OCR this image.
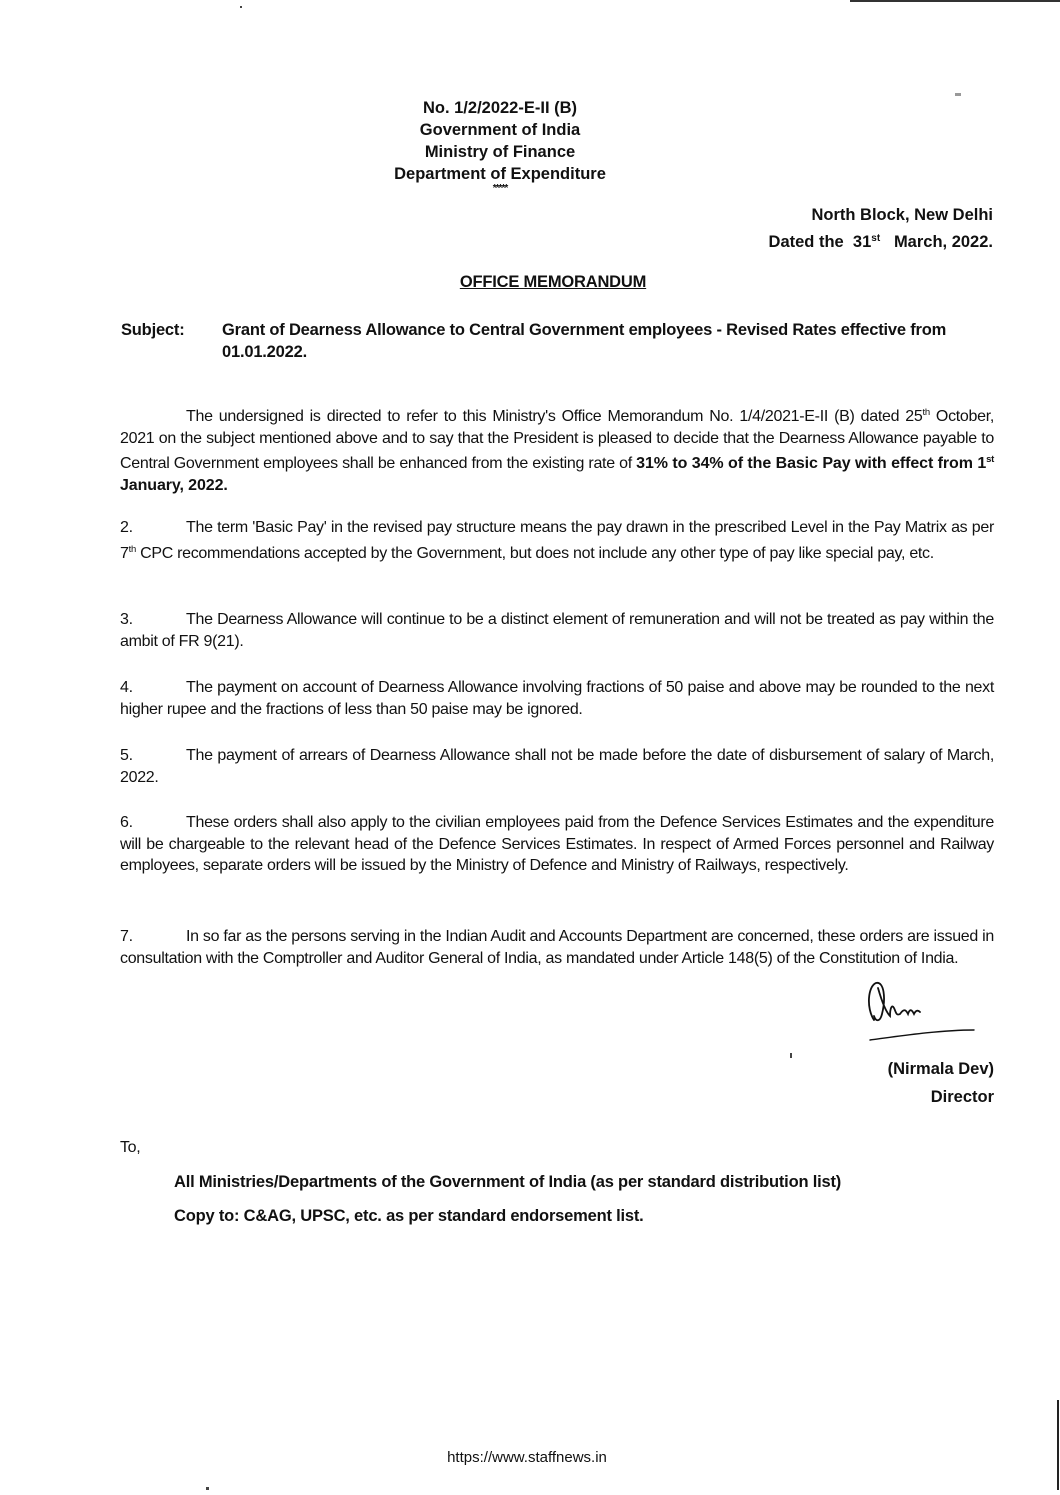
No. 1/2/2022-E-II (B)
Government of India
Ministry of Finance
Department of Expenditure
*****
North Block, New Delhi
Dated the 31st March, 2022.
OFFICE MEMORANDUM
Subject: Grant of Dearness Allowance to Central Government employees - Revised Rates effective from 01.01.2022.
The undersigned is directed to refer to this Ministry's Office Memorandum No. 1/4/2021-E-II (B) dated 25th October, 2021 on the subject mentioned above and to say that the President is pleased to decide that the Dearness Allowance payable to Central Government employees shall be enhanced from the existing rate of 31% to 34% of the Basic Pay with effect from 1st January, 2022.
2.	The term 'Basic Pay' in the revised pay structure means the pay drawn in the prescribed Level in the Pay Matrix as per 7th CPC recommendations accepted by the Government, but does not include any other type of pay like special pay, etc.
3.	The Dearness Allowance will continue to be a distinct element of remuneration and will not be treated as pay within the ambit of FR 9(21).
4.	The payment on account of Dearness Allowance involving fractions of 50 paise and above may be rounded to the next higher rupee and the fractions of less than 50 paise may be ignored.
5.	The payment of arrears of Dearness Allowance shall not be made before the date of disbursement of salary of March, 2022.
6.	These orders shall also apply to the civilian employees paid from the Defence Services Estimates and the expenditure will be chargeable to the relevant head of the Defence Services Estimates. In respect of Armed Forces personnel and Railway employees, separate orders will be issued by the Ministry of Defence and Ministry of Railways, respectively.
7.	In so far as the persons serving in the Indian Audit and Accounts Department are concerned, these orders are issued in consultation with the Comptroller and Auditor General of India, as mandated under Article 148(5) of the Constitution of India.
(Nirmala Dev)
Director
To,
All Ministries/Departments of the Government of India (as per standard distribution list)
Copy to: C&AG, UPSC, etc. as per standard endorsement list.
https://www.staffnews.in
